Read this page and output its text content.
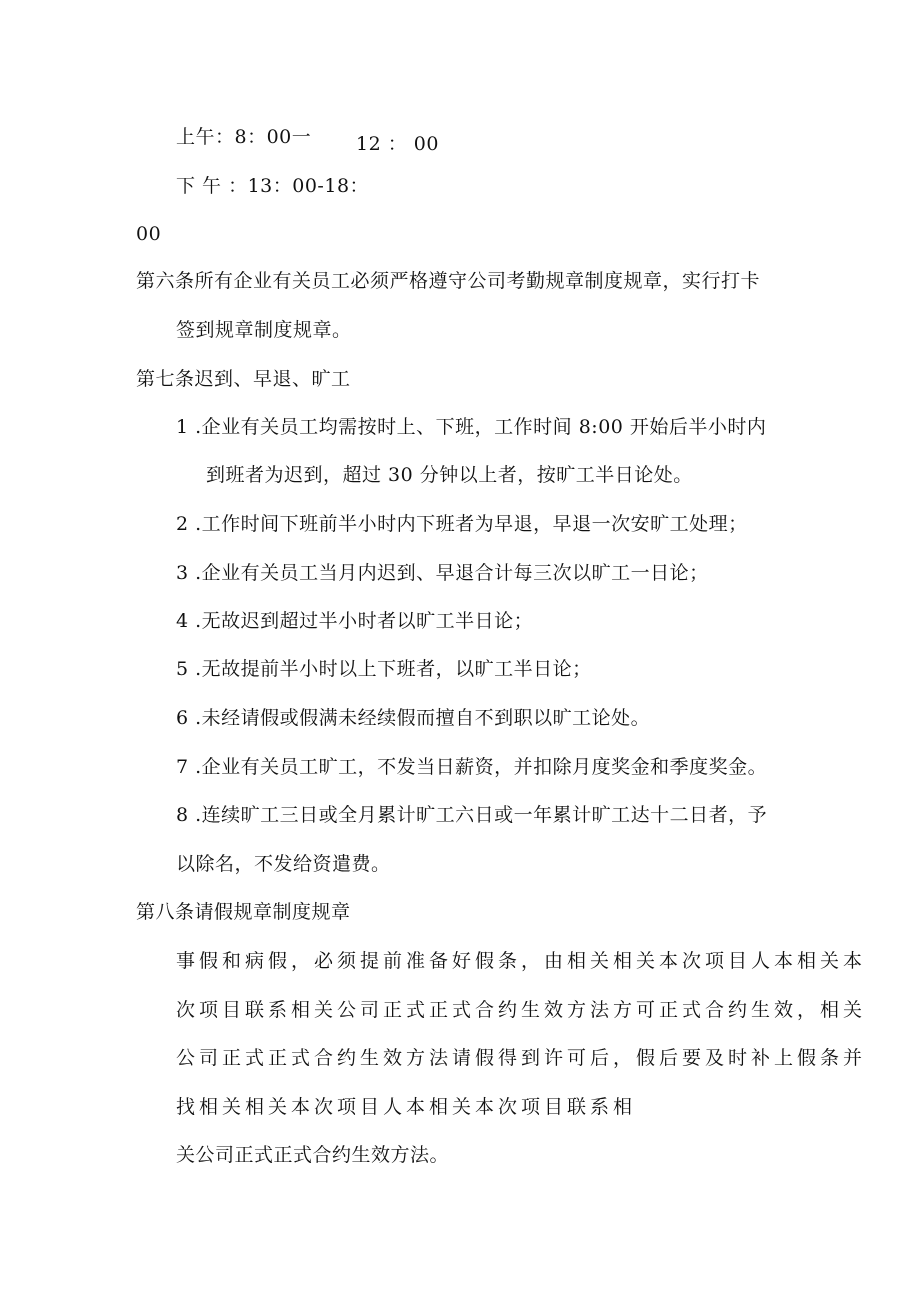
上午：8：00一 12 ： 00
下 午 ：13：00-18：
00
第六条所有企业有关员工必须严格遵守公司考勤规章制度规章，实行打卡
签到规章制度规章。
第七条迟到、早退、旷工
1 .企业有关员工均需按时上、下班，工作时间 8:00 开始后半小时内
到班者为迟到，超过 30 分钟以上者，按旷工半日论处。
2 .工作时间下班前半小时内下班者为早退，早退一次安旷工处理；
3 .企业有关员工当月内迟到、早退合计每三次以旷工一日论；
4 .无故迟到超过半小时者以旷工半日论；
5 .无故提前半小时以上下班者，以旷工半日论；
6 .未经请假或假满未经续假而擅自不到职以旷工论处。
7 .企业有关员工旷工，不发当日薪资，并扣除月度奖金和季度奖金。
8 .连续旷工三日或全月累计旷工六日或一年累计旷工达十二日者，予
以除名，不发给资遣费。
第八条请假规章制度规章
事假和病假，必须提前准备好假条，由相关相关本次项目人本相关本
次项目联系相关公司正式正式合约生效方法方可正式合约生效，相关
公司正式正式合约生效方法请假得到许可后，假后要及时补上假条并
找相关相关本次项目人本相关本次项目联系相
关公司正式正式合约生效方法。
